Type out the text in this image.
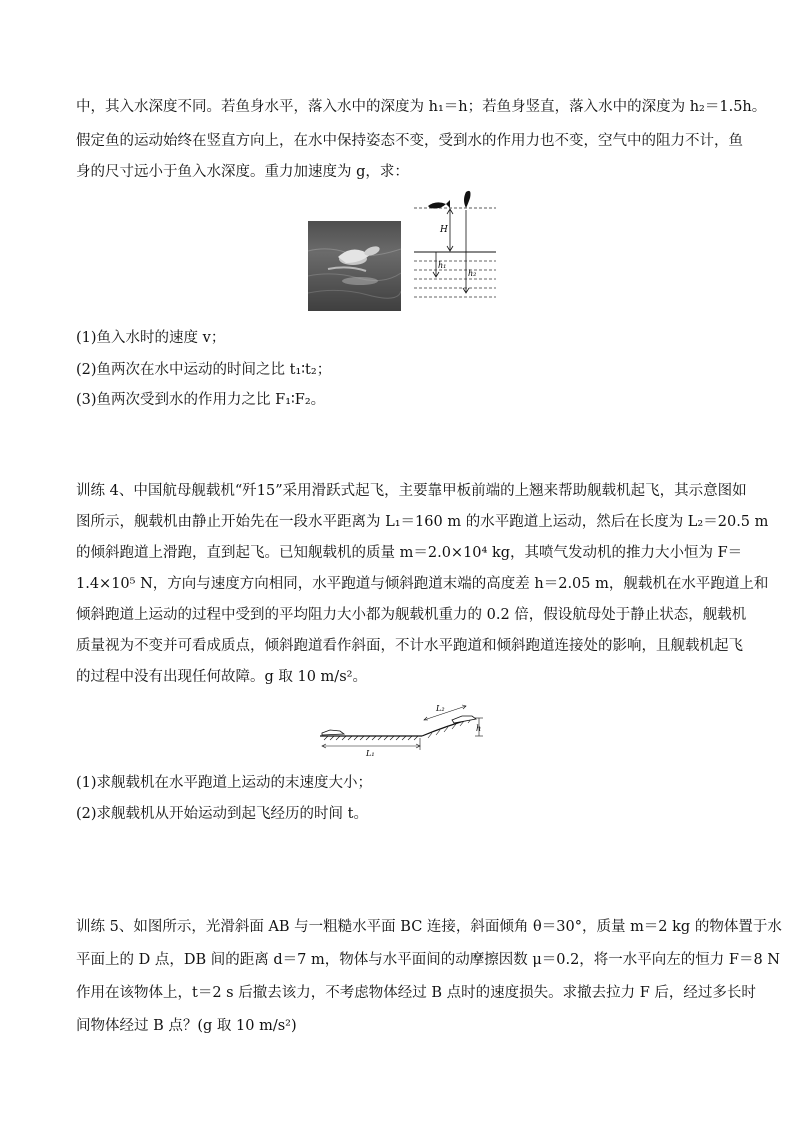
中，其入水深度不同。若鱼身水平，落入水中的深度为 h₁＝h；若鱼身竖直，落入水中的深度为 h₂＝1.5h。
假定鱼的运动始终在竖直方向上，在水中保持姿态不变，受到水的作用力也不变，空气中的阻力不计，鱼
身的尺寸远小于鱼入水深度。重力加速度为 g，求：
H
h₁
h₂
(1)鱼入水时的速度 v；
(2)鱼两次在水中运动的时间之比 t₁∶t₂；
(3)鱼两次受到水的作用力之比 F₁∶F₂。
训练 4、中国航母舰载机“歼15”采用滑跃式起飞，主要靠甲板前端的上翘来帮助舰载机起飞，其示意图如
图所示，舰载机由静止开始先在一段水平距离为 L₁＝160 m 的水平跑道上运动，然后在长度为 L₂＝20.5 m
的倾斜跑道上滑跑，直到起飞。已知舰载机的质量 m＝2.0×10⁴ kg，其喷气发动机的推力大小恒为 F＝
1.4×10⁵ N，方向与速度方向相同，水平跑道与倾斜跑道末端的高度差 h＝2.05 m，舰载机在水平跑道上和
倾斜跑道上运动的过程中受到的平均阻力大小都为舰载机重力的 0.2 倍，假设航母处于静止状态，舰载机
质量视为不变并可看成质点，倾斜跑道看作斜面，不计水平跑道和倾斜跑道连接处的影响，且舰载机起飞
的过程中没有出现任何故障。g 取 10 m/s²。
L₁
L₂
h
(1)求舰载机在水平跑道上运动的末速度大小；
(2)求舰载机从开始运动到起飞经历的时间 t。
训练 5、如图所示，光滑斜面 AB 与一粗糙水平面 BC 连接，斜面倾角 θ＝30°，质量 m＝2 kg 的物体置于水
平面上的 D 点，DB 间的距离 d＝7 m，物体与水平面间的动摩擦因数 μ＝0.2，将一水平向左的恒力 F＝8 N
作用在该物体上，t＝2 s 后撤去该力，不考虑物体经过 B 点时的速度损失。求撤去拉力 F 后，经过多长时
间物体经过 B 点？(g 取 10 m/s²)
